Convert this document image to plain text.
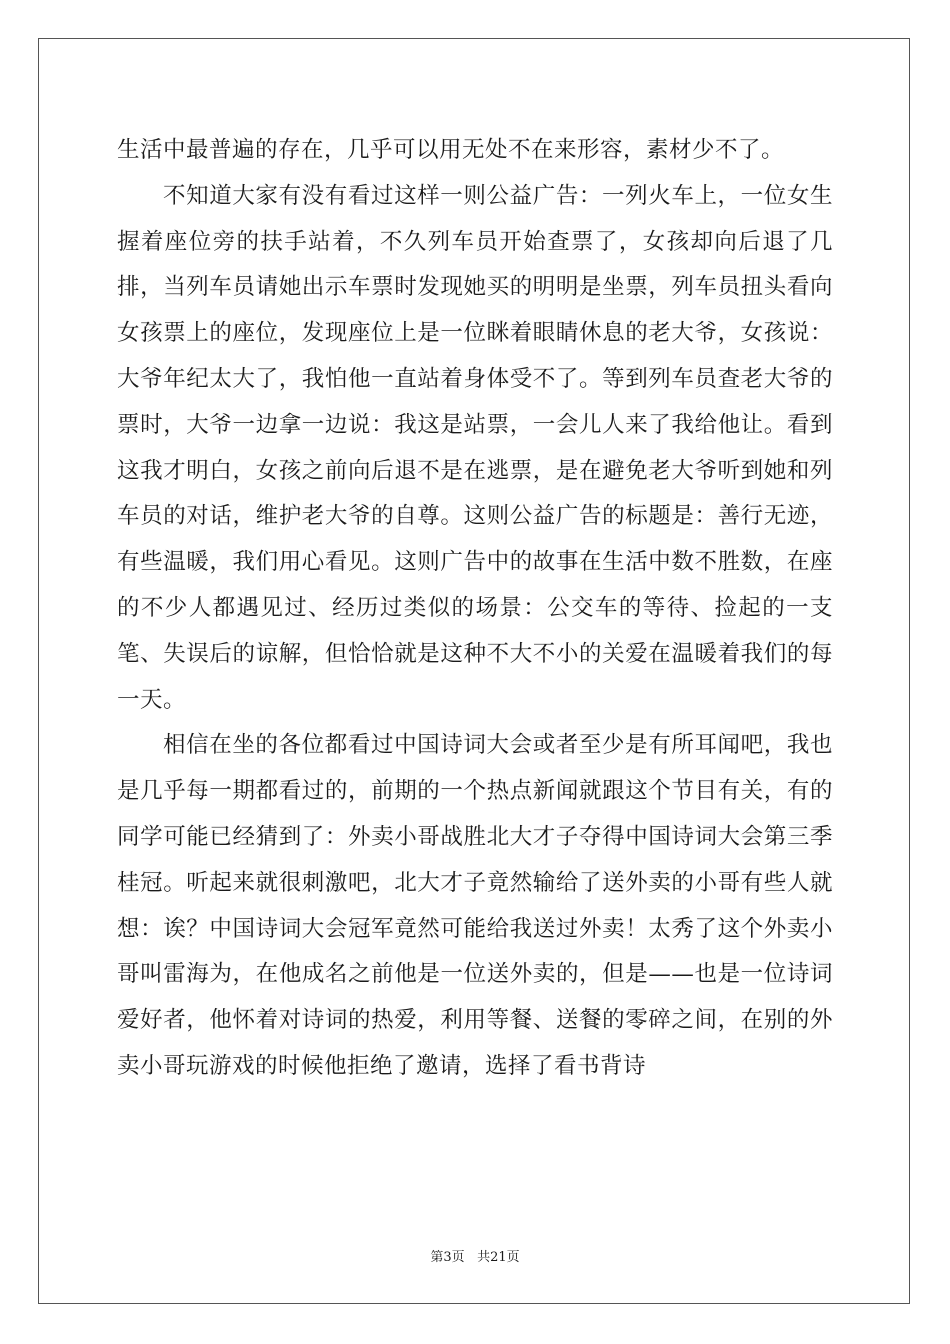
生活中最普遍的存在，几乎可以用无处不在来形容，素材少不了。

不知道大家有没有看过这样一则公益广告：一列火车上，一位女生握着座位旁的扶手站着，不久列车员开始查票了，女孩却向后退了几排，当列车员请她出示车票时发现她买的明明是坐票，列车员扭头看向女孩票上的座位，发现座位上是一位眯着眼睛休息的老大爷，女孩说：大爷年纪太大了，我怕他一直站着身体受不了。等到列车员查老大爷的票时，大爷一边拿一边说：我这是站票，一会儿人来了我给他让。看到这我才明白，女孩之前向后退不是在逃票，是在避免老大爷听到她和列车员的对话，维护老大爷的自尊。这则公益广告的标题是：善行无迹，有些温暖，我们用心看见。这则广告中的故事在生活中数不胜数，在座的不少人都遇见过、经历过类似的场景：公交车的等待、捡起的一支笔、失误后的谅解，但恰恰就是这种不大不小的关爱在温暖着我们的每一天。

相信在坐的各位都看过中国诗词大会或者至少是有所耳闻吧，我也是几乎每一期都看过的，前期的一个热点新闻就跟这个节目有关，有的同学可能已经猜到了：外卖小哥战胜北大才子夺得中国诗词大会第三季桂冠。听起来就很刺激吧，北大才子竟然输给了送外卖的小哥有些人就想：诶？中国诗词大会冠军竟然可能给我送过外卖！太秀了这个外卖小哥叫雷海为，在他成名之前他是一位送外卖的，但是——也是一位诗词爱好者，他怀着对诗词的热爱，利用等餐、送餐的零碎之间，在别的外卖小哥玩游戏的时候他拒绝了邀请，选择了看书背诗

第3页 共21页
